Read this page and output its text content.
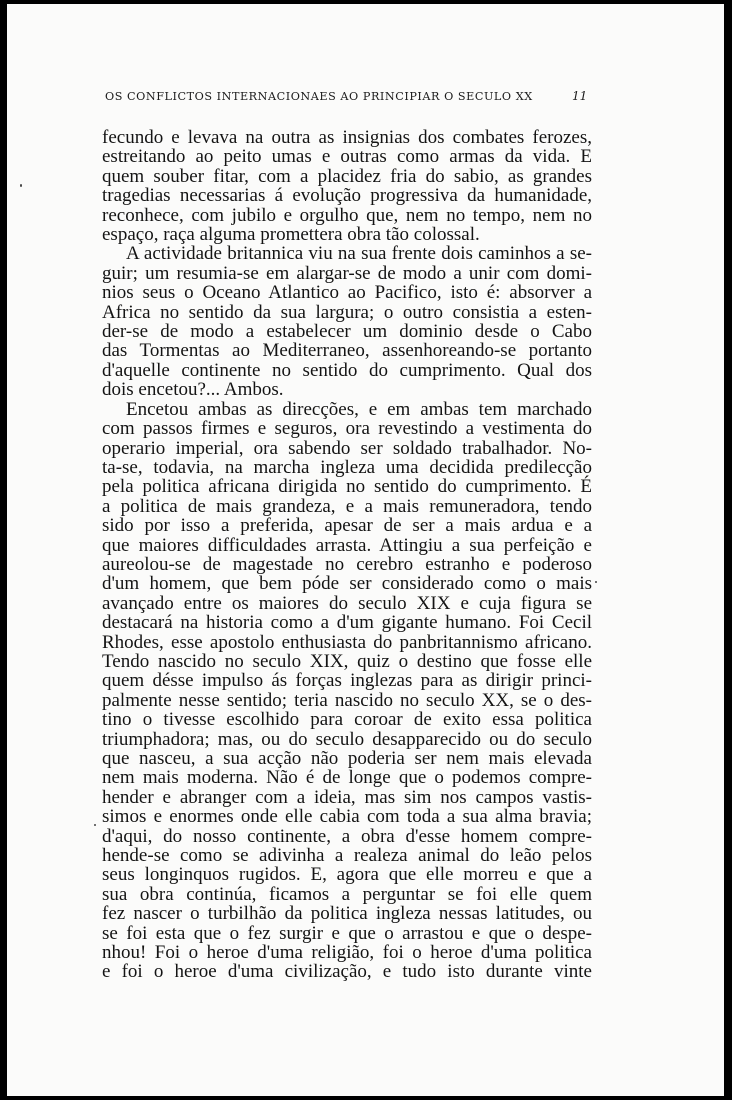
OS CONFLICTOS INTERNACIONAES AO PRINCIPIAR O SECULO XX	11
fecundo e levava na outra as insignias dos combates ferozes,
estreitando ao peito umas e outras como armas da vida. E
quem souber fitar, com a placidez fria do sabio, as grandes
tragedias necessarias á evolução progressiva da humanidade,
reconhece, com jubilo e orgulho que, nem no tempo, nem no
espaço, raça alguma promettera obra tão colossal.
A actividade britannica viu na sua frente dois caminhos a se-
guir; um resumia-se em alargar-se de modo a unir com domi-
nios seus o Oceano Atlantico ao Pacifico, isto é: absorver a
Africa no sentido da sua largura; o outro consistia a esten-
der-se de modo a estabelecer um dominio desde o Cabo
das Tormentas ao Mediterraneo, assenhoreando-se portanto
d'aquelle continente no sentido do cumprimento. Qual dos
dois encetou?... Ambos.
Encetou ambas as direcções, e em ambas tem marchado
com passos firmes e seguros, ora revestindo a vestimenta do
operario imperial, ora sabendo ser soldado trabalhador. No-
ta-se, todavia, na marcha ingleza uma decidida predilecção
pela politica africana dirigida no sentido do cumprimento. É
a politica de mais grandeza, e a mais remuneradora, tendo
sido por isso a preferida, apesar de ser a mais ardua e a
que maiores difficuldades arrasta. Attingiu a sua perfeição e
aureolou-se de magestade no cerebro estranho e poderoso
d'um homem, que bem póde ser considerado como o mais
avançado entre os maiores do seculo XIX e cuja figura se
destacará na historia como a d'um gigante humano. Foi Cecil
Rhodes, esse apostolo enthusiasta do panbritannismo africano.
Tendo nascido no seculo XIX, quiz o destino que fosse elle
quem désse impulso ás forças inglezas para as dirigir princi-
palmente nesse sentido; teria nascido no seculo XX, se o des-
tino o tivesse escolhido para coroar de exito essa politica
triumphadora; mas, ou do seculo desapparecido ou do seculo
que nasceu, a sua acção não poderia ser nem mais elevada
nem mais moderna. Não é de longe que o podemos compre-
hender e abranger com a ideia, mas sim nos campos vastis-
simos e enormes onde elle cabia com toda a sua alma bravia;
d'aqui, do nosso continente, a obra d'esse homem compre-
hende-se como se adivinha a realeza animal do leão pelos
seus longinquos rugidos. E, agora que elle morreu e que a
sua obra continúa, ficamos a perguntar se foi elle quem
fez nascer o turbilhão da politica ingleza nessas latitudes, ou
se foi esta que o fez surgir e que o arrastou e que o despe-
nhou! Foi o heroe d'uma religião, foi o heroe d'uma politica
e foi o heroe d'uma civilização, e tudo isto durante vinte
